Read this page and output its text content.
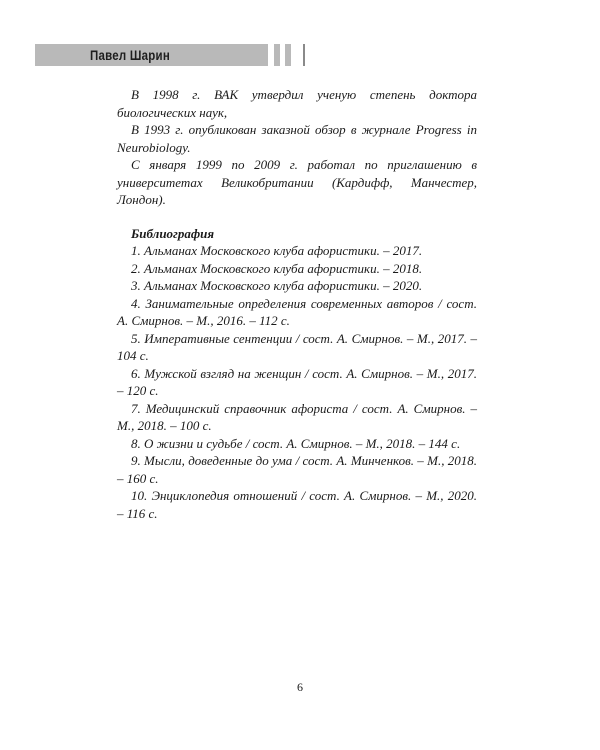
Павел Шарин

В 1998 г. ВАК утвердил ученую степень доктора биологических наук,

В 1993 г. опубликован заказной обзор в журнале Progress in Neurobiology.

С января 1999 по 2009 г. работал по приглашению в университетах Великобритании (Кардифф, Манчестер, Лондон).

Библиография

1. Альманах Московского клуба афористики. – 2017.

2. Альманах Московского клуба афористики. – 2018.

3. Альманах Московского клуба афористики. – 2020.

4. Занимательные определения современных авторов / сост. А. Смирнов. – М., 2016. – 112 с.

5. Императивные сентенции / сост. А. Смирнов. – М., 2017. – 104 с.

6. Мужской взгляд на женщин / сост. А. Смирнов. – М., 2017. – 120 с.

7. Медицинский справочник афориста / сост. А. Смирнов. – М., 2018. – 100 с.

8. О жизни и судьбе / сост. А. Смирнов. – М., 2018. – 144 с.

9. Мысли, доведенные до ума / сост. А. Минченков. – М., 2018. – 160 с.

10. Энциклопедия отношений / сост. А. Смирнов. – М., 2020. – 116 с.

6
